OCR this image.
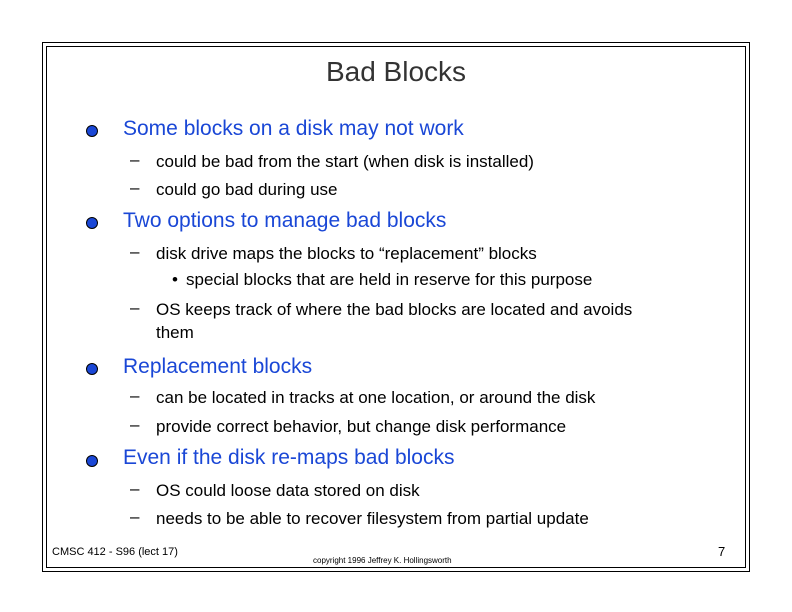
Bad Blocks
Some blocks on a disk may not work
– could be bad from the start (when disk is installed)
– could go bad during use
Two options to manage bad blocks
– disk drive maps the blocks to “replacement” blocks
• special blocks that are held in reserve for this purpose
– OS keeps track of where the bad blocks are located and avoids them
Replacement blocks
– can be located in tracks at one location, or around the disk
– provide correct behavior, but change disk performance
Even if the disk re-maps bad blocks
– OS could loose data stored on disk
– needs to be able to recover filesystem from partial update
CMSC 412 - S96 (lect 17)
copyright 1996 Jeffrey K. Hollingsworth
7
